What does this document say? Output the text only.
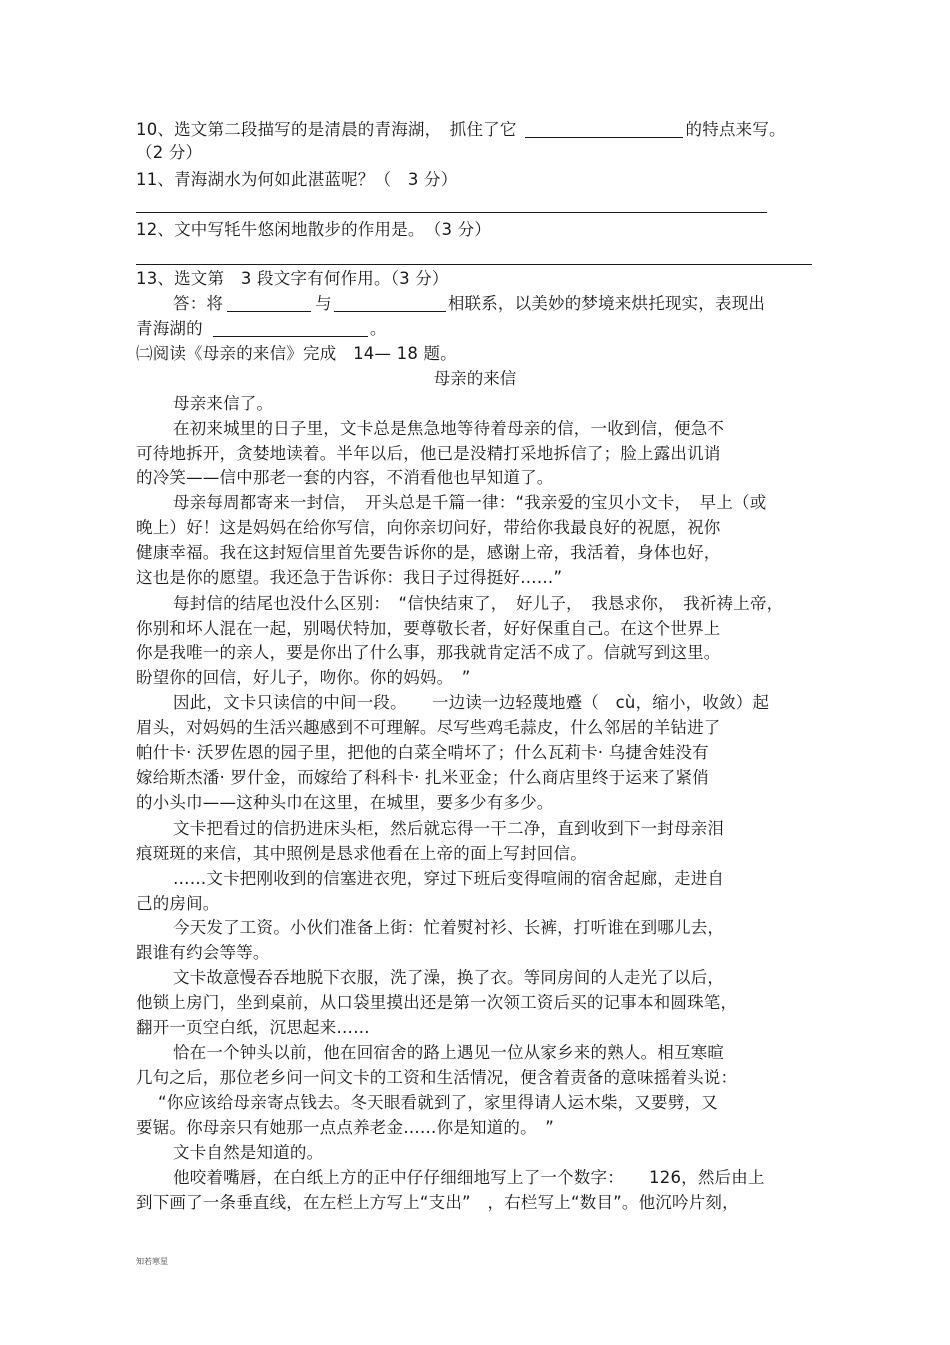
10、选文第二段描写的是清晨的青海湖，　抓住了它	的特点来写。
（2 分）
11、青海湖水为何如此湛蓝呢？（　3 分）
12、文中写牦牛悠闲地散步的作用是。　（3 分）
13、选文第　3 段文字有何作用。（3 分）
答：将	与	相联系，以美妙的梦境来烘托现实，表现出
青海湖的	。
㈡阅读《母亲的来信》完成　14— 18 题。
母亲的来信
母亲来信了。
在初来城里的日子里，文卡总是焦急地等待着母亲的信，一收到信，便急不
可待地拆开，贪婪地读着。半年以后，他已是没精打采地拆信了；脸上露出讥诮
的冷笑——信中那老一套的内容，不消看他也早知道了。
母亲每周都寄来一封信，　开头总是千篇一律：“我亲爱的宝贝小文卡，　早上（或
晚上）好！这是妈妈在给你写信，向你亲切问好，带给你我最良好的祝愿，祝你
健康幸福。我在这封短信里首先要告诉你的是，感谢上帝，我活着，身体也好，
这也是你的愿望。我还急于告诉你：我日子过得挺好……”
每封信的结尾也没什么区别：　“信快结束了，　好儿子，　我恳求你，　我祈祷上帝，
你别和坏人混在一起，别喝伏特加，要尊敬长者，好好保重自己。在这个世界上
你是我唯一的亲人，要是你出了什么事，那我就肯定活不成了。信就写到这里。
盼望你的回信，好儿子，吻你。你的妈妈。　”
因此，文卡只读信的中间一段。　　一边读一边轻蔑地蹙（　cù，缩小，收敛）起
眉头，对妈妈的生活兴趣感到不可理解。尽写些鸡毛蒜皮，什么邻居的羊钻进了
帕什卡· 沃罗佐恩的园子里，把他的白菜全啃坏了；什么瓦莉卡· 乌捷舍娃没有
嫁给斯杰潘· 罗什金，而嫁给了科科卡· 扎米亚金；什么商店里终于运来了紧俏
的小头巾——这种头巾在这里，在城里，要多少有多少。
文卡把看过的信扔进床头柜，然后就忘得一干二净，直到收到下一封母亲泪
痕斑斑的来信，其中照例是恳求他看在上帝的面上写封回信。
……文卡把刚收到的信塞进衣兜，穿过下班后变得喧闹的宿舍起廊，走进自
己的房间。
今天发了工资。小伙们准备上街：忙着熨衬衫、长裤，打听谁在到哪儿去，
跟谁有约会等等。
文卡故意慢吞吞地脱下衣服，洗了澡，换了衣。等同房间的人走光了以后，
他锁上房门，坐到桌前，从口袋里摸出还是第一次领工资后买的记事本和圆珠笔，
翻开一页空白纸，沉思起来……
恰在一个钟头以前，他在回宿舍的路上遇见一位从家乡来的熟人。相互寒暄
几句之后，那位老乡问一问文卡的工资和生活情况，便含着责备的意味摇着头说：
“你应该给母亲寄点钱去。冬天眼看就到了，家里得请人运木柴，又要劈，又
要锯。你母亲只有她那一点点养老金……你是知道的。　”
文卡自然是知道的。
他咬着嘴唇，在白纸上方的正中仔仔细细地写上了一个数字：　　126，然后由上
到下画了一条垂直线，在左栏上方写上“支出”　，右栏写上“数目”。他沉吟片刻，
知若寒星
